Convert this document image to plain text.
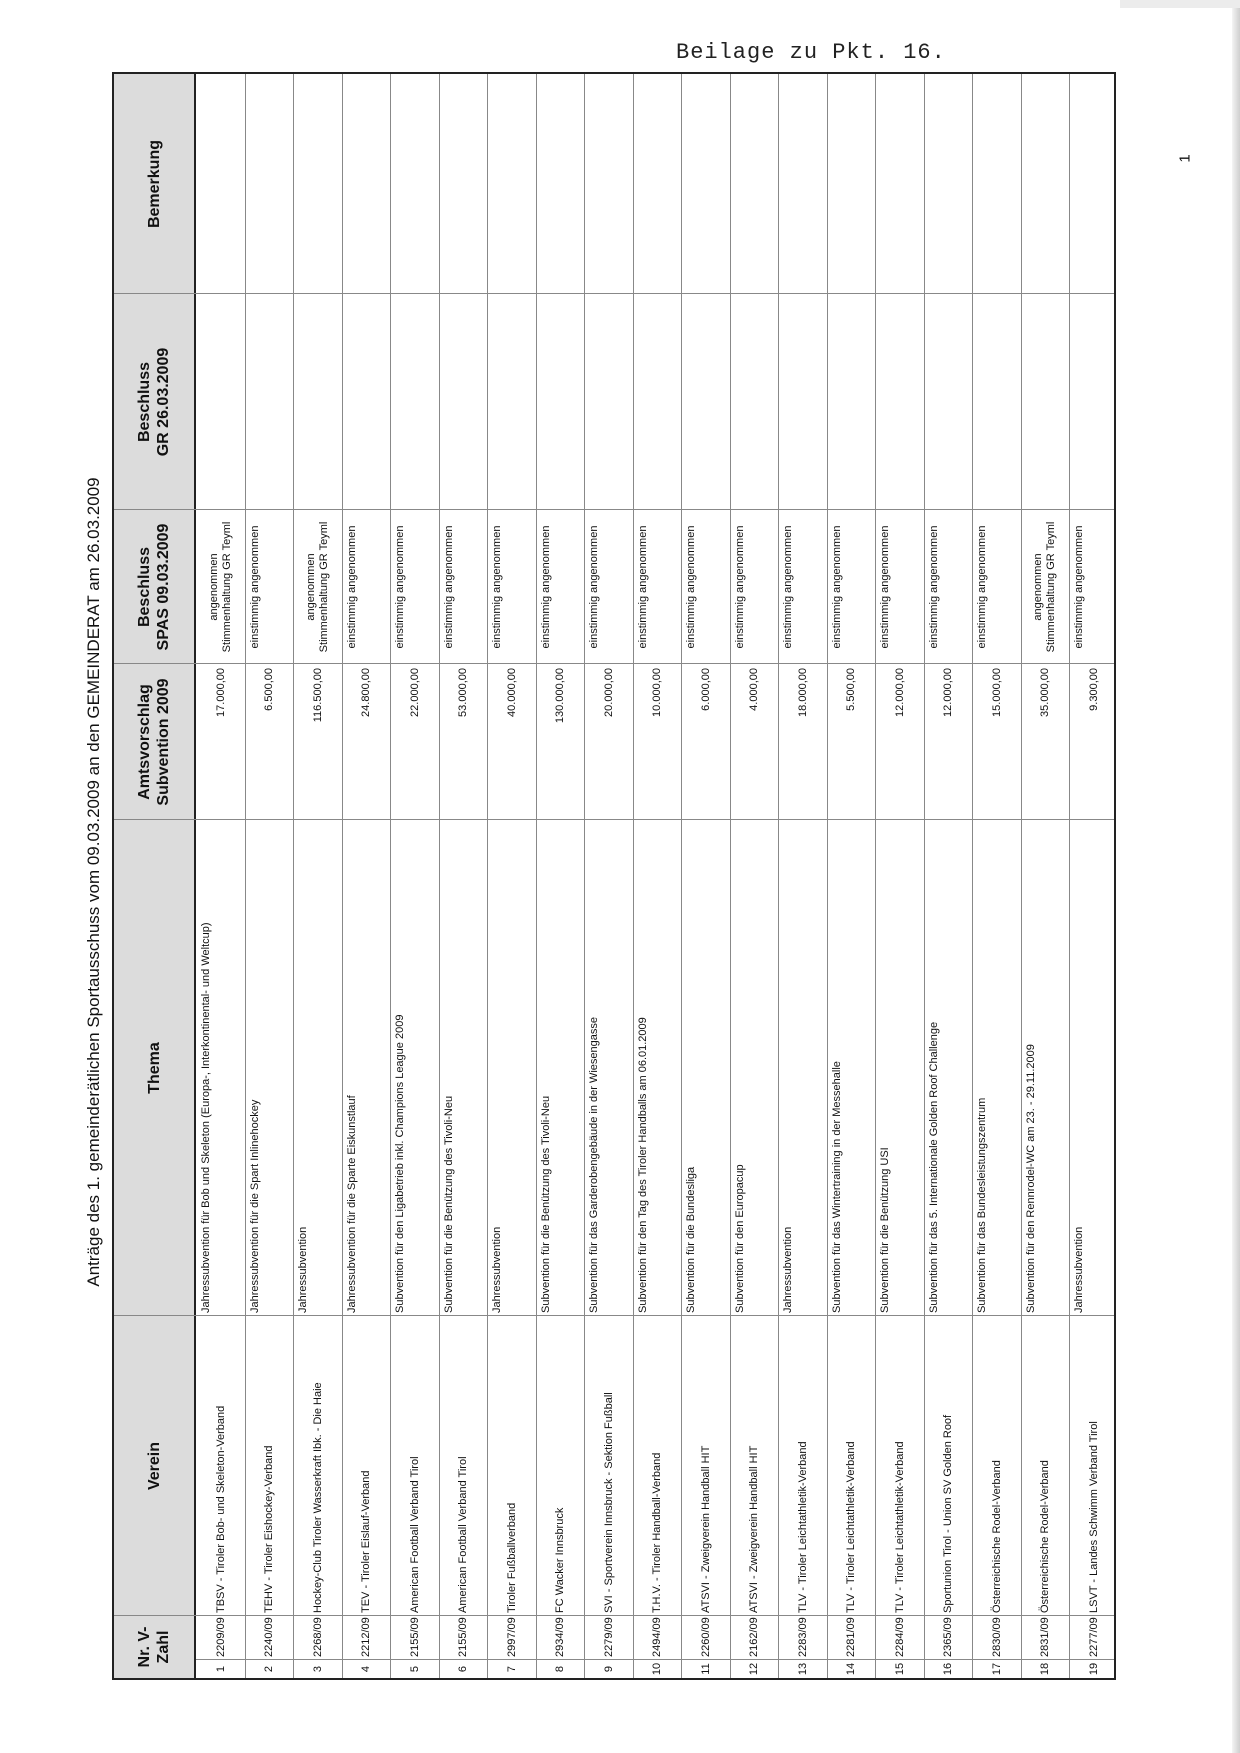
Beilage zu Pkt. 16.
1
Anträge des 1. gemeinderätlichen Sportausschuss vom 09.03.2009 an den GEMEINDERAT am 26.03.2009
Nr. V-Zahl
Verein
Thema
Amtsvorschlag Subvention 2009
Beschluss SPAS 09.03.2009
Beschluss GR 26.03.2009
Bemerkung
1
2209/09
TBSV - Tiroler Bob- und Skeleton-Verband
Jahressubvention für Bob und Skeleton (Europa-, Interkontinental- und Weltcup)
17.000,00
angenommen Stimmenhaltung GR Teyml
2
2240/09
TEHV - Tiroler Eishockey-Verband
Jahressubvention für die Spart Inlinehockey
6.500,00
einstimmig angenommen
3
2268/09
Hockey-Club Tiroler Wasserkraft Ibk. - Die Haie
Jahressubvention
116.500,00
angenommen Stimmenhaltung GR Teyml
4
2212/09
TEV - Tiroler Eislauf-Verband
Jahressubvention für die Sparte Eiskunstlauf
24.800,00
einstimmig angenommen
5
2155/09
American Football Verband Tirol
Subvention für den Ligabetrieb inkl. Champions League 2009
22.000,00
einstimmig angenommen
6
2155/09
American Football Verband Tirol
Subvention für die Benützung des Tivoli-Neu
53.000,00
einstimmig angenommen
7
2997/09
Tiroler Fußballverband
Jahressubvention
40.000,00
einstimmig angenommen
8
2934/09
FC Wacker Innsbruck
Subvention für die Benützung des Tivoli-Neu
130.000,00
einstimmig angenommen
9
2279/09
SVI - Sportverein Innsbruck - Sektion Fußball
Subvention für das Garderobengebäude in der Wiesengasse
20.000,00
einstimmig angenommen
10
2494/09
T.H.V. - Tiroler Handball-Verband
Subvention für den Tag des Tiroler Handballs am 06.01.2009
10.000,00
einstimmig angenommen
11
2260/09
ATSVI - Zweigverein Handball HIT
Subvention für die Bundesliga
6.000,00
einstimmig angenommen
12
2162/09
ATSVI - Zweigverein Handball HIT
Subvention für den Europacup
4.000,00
einstimmig angenommen
13
2283/09
TLV - Tiroler Leichtathletik-Verband
Jahressubvention
18.000,00
einstimmig angenommen
14
2281/09
TLV - Tiroler Leichtathletik-Verband
Subvention für das Wintertraining in der Messehalle
5.500,00
einstimmig angenommen
15
2284/09
TLV - Tiroler Leichtathletik-Verband
Subvention für die Benützung USI
12.000,00
einstimmig angenommen
16
2365/09
Sportunion Tirol - Union SV Golden Roof
Subvention für das 5. Internationale Golden Roof Challenge
12.000,00
einstimmig angenommen
17
2830/09
Österreichische Rodel-Verband
Subvention für das Bundesleistungszentrum
15.000,00
einstimmig angenommen
18
2831/09
Österreichische Rodel-Verband
Subvention für den Rennrodel-WC am 23. - 29.11.2009
35.000,00
angenommen Stimmenhaltung GR Teyml
19
2277/09
LSVT - Landes Schwimm Verband Tirol
Jahressubvention
9.300,00
einstimmig angenommen
